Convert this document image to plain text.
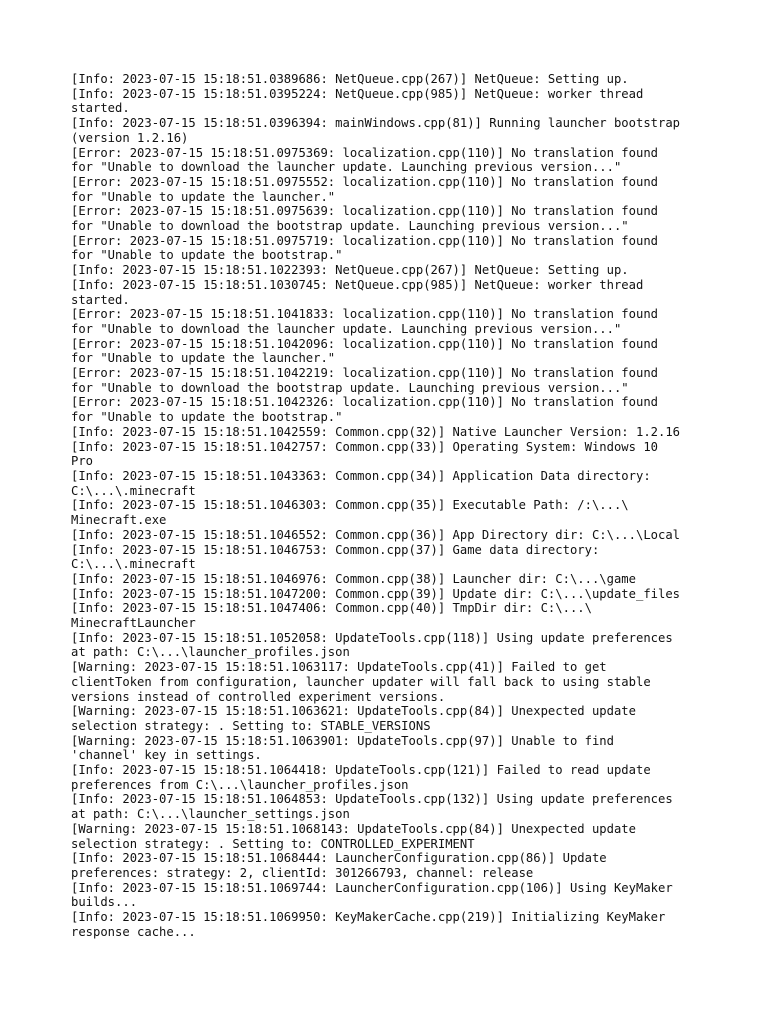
[Info: 2023-07-15 15:18:51.0389686: NetQueue.cpp(267)] NetQueue: Setting up.
[Info: 2023-07-15 15:18:51.0395224: NetQueue.cpp(985)] NetQueue: worker thread
started.
[Info: 2023-07-15 15:18:51.0396394: mainWindows.cpp(81)] Running launcher bootstrap
(version 1.2.16)
[Error: 2023-07-15 15:18:51.0975369: localization.cpp(110)] No translation found
for "Unable to download the launcher update. Launching previous version..."
[Error: 2023-07-15 15:18:51.0975552: localization.cpp(110)] No translation found
for "Unable to update the launcher."
[Error: 2023-07-15 15:18:51.0975639: localization.cpp(110)] No translation found
for "Unable to download the bootstrap update. Launching previous version..."
[Error: 2023-07-15 15:18:51.0975719: localization.cpp(110)] No translation found
for "Unable to update the bootstrap."
[Info: 2023-07-15 15:18:51.1022393: NetQueue.cpp(267)] NetQueue: Setting up.
[Info: 2023-07-15 15:18:51.1030745: NetQueue.cpp(985)] NetQueue: worker thread
started.
[Error: 2023-07-15 15:18:51.1041833: localization.cpp(110)] No translation found
for "Unable to download the launcher update. Launching previous version..."
[Error: 2023-07-15 15:18:51.1042096: localization.cpp(110)] No translation found
for "Unable to update the launcher."
[Error: 2023-07-15 15:18:51.1042219: localization.cpp(110)] No translation found
for "Unable to download the bootstrap update. Launching previous version..."
[Error: 2023-07-15 15:18:51.1042326: localization.cpp(110)] No translation found
for "Unable to update the bootstrap."
[Info: 2023-07-15 15:18:51.1042559: Common.cpp(32)] Native Launcher Version: 1.2.16
[Info: 2023-07-15 15:18:51.1042757: Common.cpp(33)] Operating System: Windows 10
Pro
[Info: 2023-07-15 15:18:51.1043363: Common.cpp(34)] Application Data directory:
C:\...\.minecraft
[Info: 2023-07-15 15:18:51.1046303: Common.cpp(35)] Executable Path: /:\...\
Minecraft.exe
[Info: 2023-07-15 15:18:51.1046552: Common.cpp(36)] App Directory dir: C:\...\Local
[Info: 2023-07-15 15:18:51.1046753: Common.cpp(37)] Game data directory:
C:\...\.minecraft
[Info: 2023-07-15 15:18:51.1046976: Common.cpp(38)] Launcher dir: C:\...\game
[Info: 2023-07-15 15:18:51.1047200: Common.cpp(39)] Update dir: C:\...\update_files
[Info: 2023-07-15 15:18:51.1047406: Common.cpp(40)] TmpDir dir: C:\...\
MinecraftLauncher
[Info: 2023-07-15 15:18:51.1052058: UpdateTools.cpp(118)] Using update preferences
at path: C:\...\launcher_profiles.json
[Warning: 2023-07-15 15:18:51.1063117: UpdateTools.cpp(41)] Failed to get
clientToken from configuration, launcher updater will fall back to using stable
versions instead of controlled experiment versions.
[Warning: 2023-07-15 15:18:51.1063621: UpdateTools.cpp(84)] Unexpected update
selection strategy: . Setting to: STABLE_VERSIONS
[Warning: 2023-07-15 15:18:51.1063901: UpdateTools.cpp(97)] Unable to find
'channel' key in settings.
[Info: 2023-07-15 15:18:51.1064418: UpdateTools.cpp(121)] Failed to read update
preferences from C:\...\launcher_profiles.json
[Info: 2023-07-15 15:18:51.1064853: UpdateTools.cpp(132)] Using update preferences
at path: C:\...\launcher_settings.json
[Warning: 2023-07-15 15:18:51.1068143: UpdateTools.cpp(84)] Unexpected update
selection strategy: . Setting to: CONTROLLED_EXPERIMENT
[Info: 2023-07-15 15:18:51.1068444: LauncherConfiguration.cpp(86)] Update
preferences: strategy: 2, clientId: 301266793, channel: release
[Info: 2023-07-15 15:18:51.1069744: LauncherConfiguration.cpp(106)] Using KeyMaker
builds...
[Info: 2023-07-15 15:18:51.1069950: KeyMakerCache.cpp(219)] Initializing KeyMaker
response cache...
